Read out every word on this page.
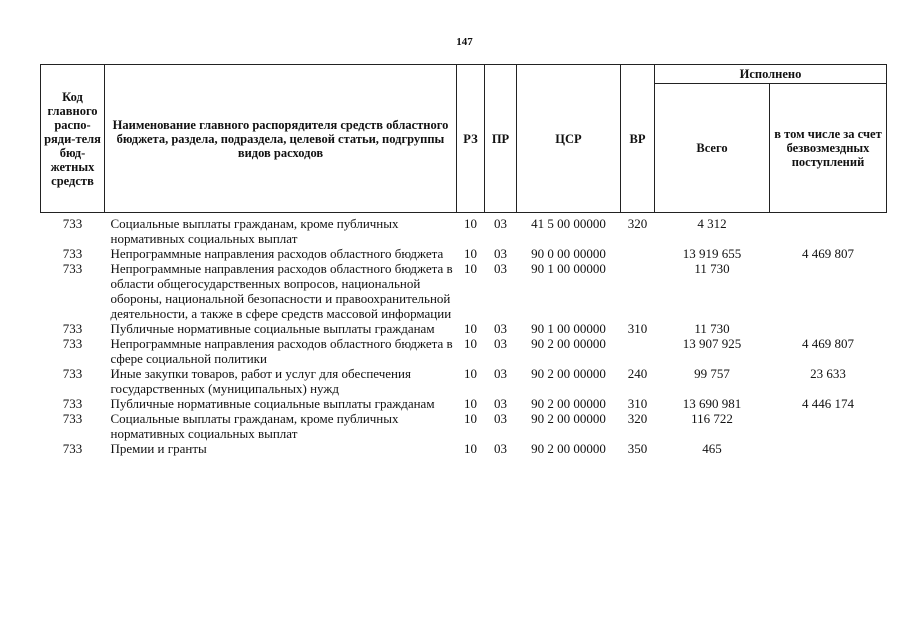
147
Код главного распо-ряди-теля бюд-жетных средств	Наименование главного распорядителя средств областного бюджета, раздела, подраздела, целевой статьи, подгруппы видов расходов	РЗ	ПР	ЦСР	ВР	Исполнено	
						Всего	в том числе за счет безвозмездных поступлений

733	Социальные выплаты гражданам, кроме публичных нормативных социальных выплат	10	03	41 5 00 00000	320	4 312	
733	Непрограммные направления расходов областного бюджета	10	03	90 0 00 00000		13 919 655	4 469 807
733	Непрограммные направления расходов областного бюджета в области общегосударственных вопросов, национальной обороны, национальной безопасности и правоохранительной деятельности, а также в сфере средств массовой информации	10	03	90 1 00 00000		11 730	
733	Публичные нормативные социальные выплаты гражданам	10	03	90 1 00 00000	310	11 730	
733	Непрограммные направления расходов областного бюджета в сфере социальной политики	10	03	90 2 00 00000		13 907 925	4 469 807
733	Иные закупки товаров, работ и услуг для обеспечения государственных (муниципальных) нужд	10	03	90 2 00 00000	240	99 757	23 633
733	Публичные нормативные социальные выплаты гражданам	10	03	90 2 00 00000	310	13 690 981	4 446 174
733	Социальные выплаты гражданам, кроме публичных нормативных социальных выплат	10	03	90 2 00 00000	320	116 722	
733	Премии и гранты	10	03	90 2 00 00000	350	465	
